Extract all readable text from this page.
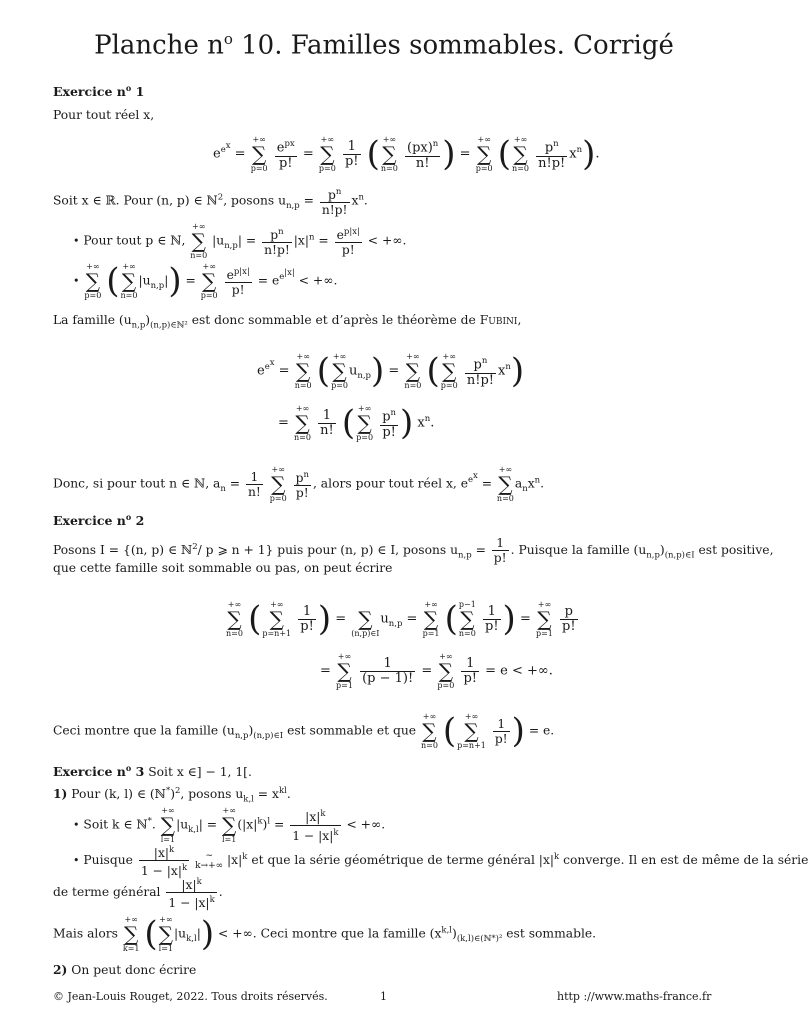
Planche $n^o$ 10. Familles sommables. Corrigé
Exercice $n^o$ 1
Pour tout réel x,
$e^{e^x}$ =
+∞
∑
p=0
$\frac{e^{px}}{p!}$ =
+∞
∑
p=0
$\frac{1}{p!}$ ( +∞
∑
n=0
$\frac{(px)^n}{n!}$ ) =
+∞
∑
p=0 ( +∞
∑
n=0
$\frac{p^n}{n!p!} x^n$).
Soit x ∈ ℝ. Pour (n, p) ∈ ℕ$^2$, posons $u_{n,p} = \frac{p^n}{n!p!} x^n$.
• Pour tout p ∈ ℕ,
+∞
∑
n=0
$|u_{n,p}| = \frac{p^n}{n!p!} |x|^n = \frac{e^{p|x|}}{p!}$ < +∞.
•
+∞
∑
p=0 ( +∞
∑
n=0
$|u_{n,p}|$) =
+∞
∑
p=0
$\frac{e^{p|x|}}{p!} = e^{e^{|x|}}$ < +∞.
La famille $(u_{n,p})_{(n,p)\in ℕ^2}$ est donc sommable et d’après le théorème de Fubini,
$e^{e^x}$ =
+∞
∑
n=0 ( +∞
∑
p=0
$u_{n,p}$) =
+∞
∑
n=0 ( +∞
∑
p=0
$\frac{p^n}{n!p!} x^n$)
=
+∞
∑
n=0
$\frac{1}{n!}$ ( +∞
∑
p=0
$\frac{p^n}{p!}$ ) $x^n$.
Donc, si pour tout n ∈ ℕ, $a_n = \frac{1}{n!}$
+∞
∑
p=0
$\frac{p^n}{p!}$ , alors pour tout réel x, $e^{e^x}$ =
+∞
∑
n=0
$a_nx^n$.
Exercice $n^o$ 2
Posons I = {(n, p) ∈ ℕ$^2$/ p ⩾ n + 1} puis pour (n, p) ∈ I, posons $u_{n,p} = \frac{1}{p!}$ . Puisque la famille $(u_{n,p})_{(n,p)\in I}$ est positive,
que cette famille soit sommable ou pas, on peut écrire
+∞
∑
n=0 (	+∞
∑
p=n+1
$\frac{1}{p!}$ ) =
∑
(n,p)∈I
$u_{n,p}$ =
+∞
∑
p=1 ( p−1
∑
n=0
$\frac{1}{p!}$ ) =
+∞
∑
p=1
$\frac{p}{p!}$
=
+∞
∑
p=1
$\frac{1}{(p - 1)!}$ =
+∞
∑
p=0
$\frac{1}{p!} = e$ < +∞.
Ceci montre que la famille $(u_{n,p})_{(n,p)\in I}$ est sommable et que
+∞
∑
n=0 (	+∞
∑
p=n+1
$\frac{1}{p!}$ ) = e.
Exercice $n^o$ 3 Soit x ∈] − 1, 1[.
1) Pour (k, l) ∈ (ℕ*)$^2$, posons $u_{k,l} = x^{kl}$.
• Soit k ∈ ℕ*.
+∞
∑
l=1
$|u_{k,l}|$ =
+∞
∑
l=1
$(|x|^k)^l = \frac{|x|^k}{1 - |x|^k}$ < +∞.
• Puisque $\frac{|x|^k}{1 - |x|^k}$ ∼
k→+∞ $|x|^k$ et que la série géométrique de terme général $|x|^k$ converge. Il en est de même de la série
de terme général $\frac{|x|^k}{1 - |x|^k}$ .
Mais alors
+∞
∑
k=1 ( +∞
∑
l=1
$|u_{k,l}|$) < +∞. Ceci montre que la famille $(x^{k,l})_{(k,l)\in(ℕ*)^2}$ est sommable.
2) On peut donc écrire
© Jean-Louis Rouget, 2022. Tous droits réservés.	1	http ://www.maths-france.fr
